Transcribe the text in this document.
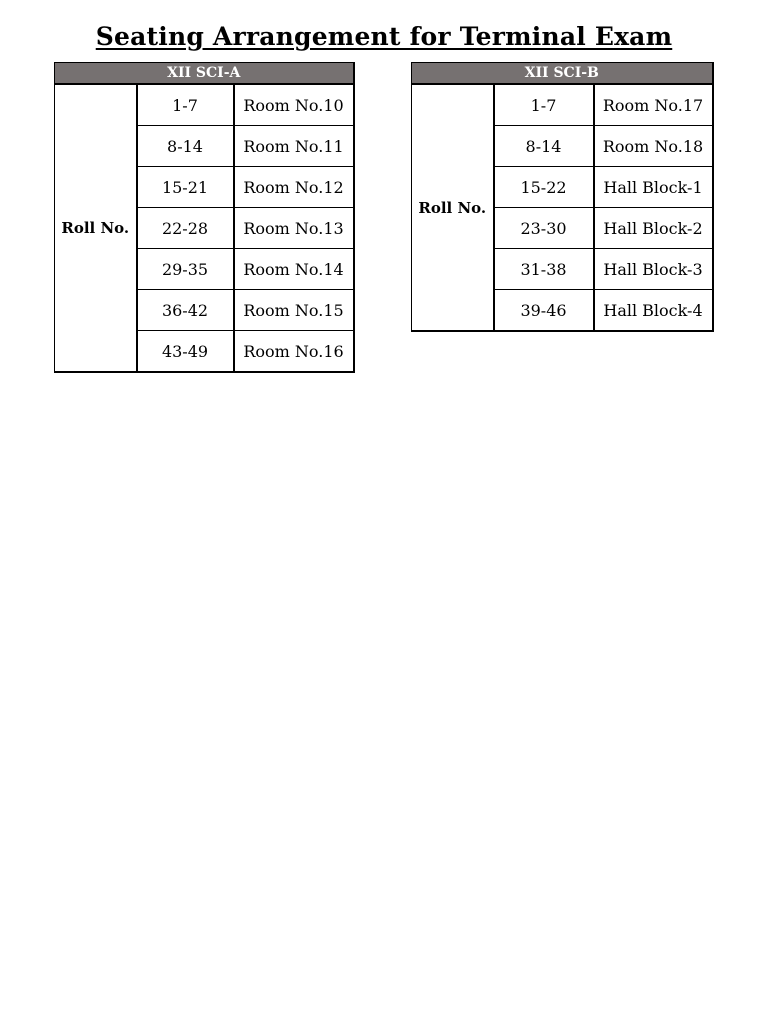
Seating Arrangement for Terminal Exam
XII SCI-A		
Roll No.	1-7	Room No.10
	8-14	Room No.11
	15-21	Room No.12
	22-28	Room No.13
	29-35	Room No.14
	36-42	Room No.15
	43-49	Room No.16
XII SCI-B		
Roll No.	1-7	Room No.17
	8-14	Room No.18
	15-22	Hall Block-1
	23-30	Hall Block-2
	31-38	Hall Block-3
	39-46	Hall Block-4
